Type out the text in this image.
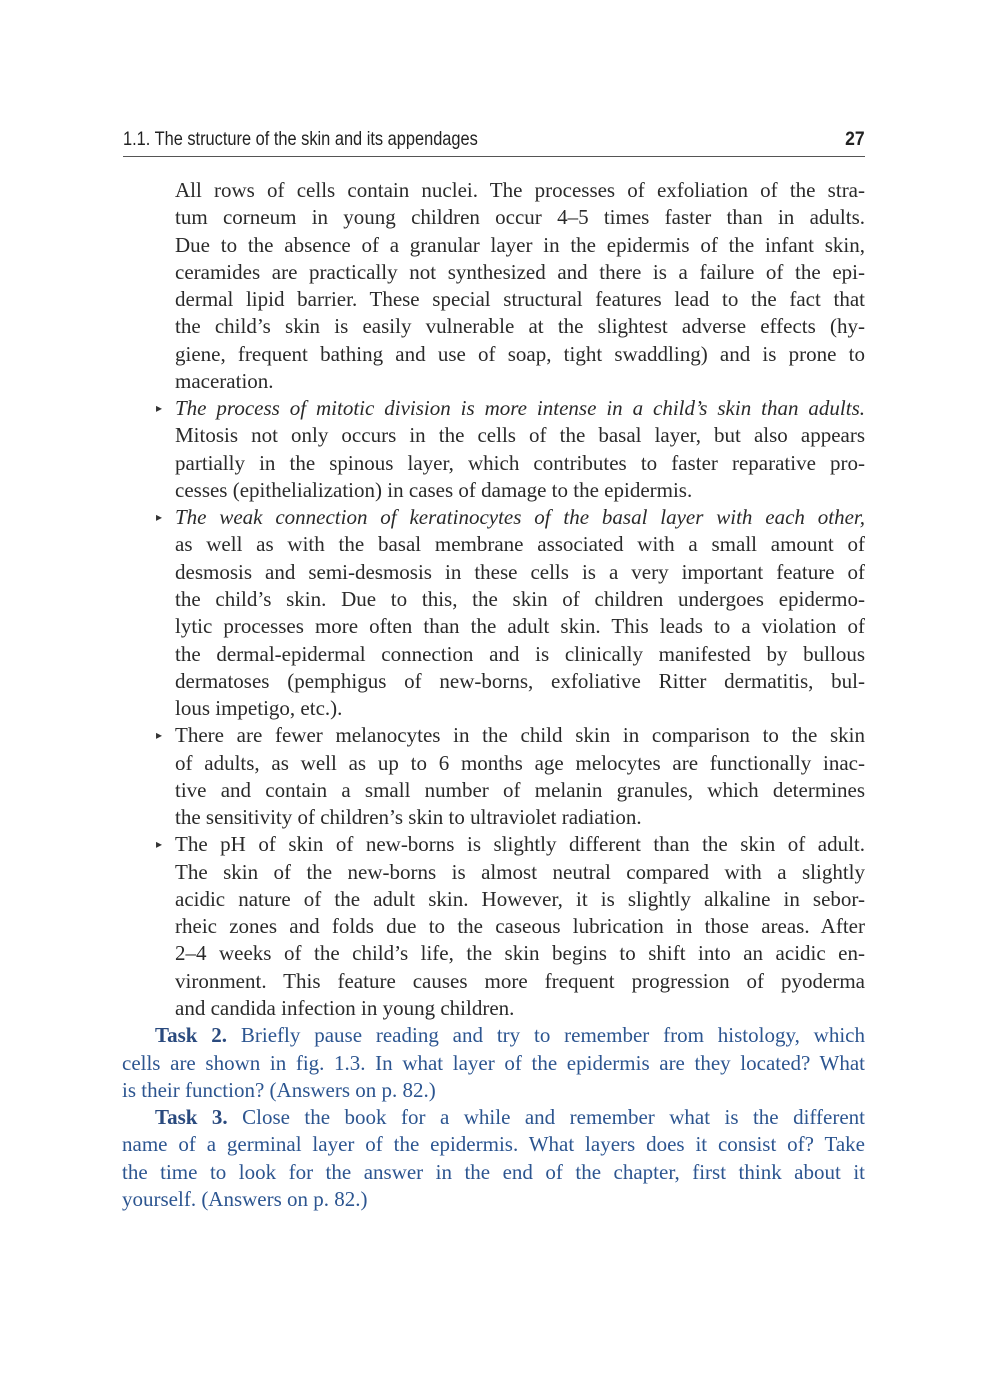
1.1. The structure of the skin and its appendages	27
All rows of cells contain nuclei. The processes of exfoliation of the stra-
tum corneum in young children occur 4–5 times faster than in adults.
Due to the absence of a granular layer in the epidermis of the infant skin,
ceramides are practically not synthesized and there is a failure of the epi-
dermal lipid barrier. These special structural features lead to the fact that
the child’s skin is easily vulnerable at the slightest adverse effects (hy-
giene, frequent bathing and use of soap, tight swaddling) and is prone to
maceration.
▸ The process of mitotic division is more intense in a child’s skin than adults.
Mitosis not only occurs in the cells of the basal layer, but also appears
partially in the spinous layer, which contributes to faster reparative pro-
cesses (epithelialization) in cases of damage to the epidermis.
▸ The weak connection of keratinocytes of the basal layer with each other,
as well as with the basal membrane associated with a small amount of
desmosis and semi-desmosis in these cells is a very important feature of
the child’s skin. Due to this, the skin of children undergoes epidermo-
lytic processes more often than the adult skin. This leads to a violation of
the dermal-epidermal connection and is clinically manifested by bullous
dermatoses (pemphigus of new-borns, exfoliative Ritter dermatitis, bul-
lous impetigo, etc.).
▸ There are fewer melanocytes in the child skin in comparison to the skin
of adults, as well as up to 6 months age melocytes are functionally inac-
tive and contain a small number of melanin granules, which determines
the sensitivity of children’s skin to ultraviolet radiation.
▸ The pH of skin of new-borns is slightly different than the skin of adult.
The skin of the new-borns is almost neutral compared with a slightly
acidic nature of the adult skin. However, it is slightly alkaline in sebor-
rheic zones and folds due to the caseous lubrication in those areas. After
2–4 weeks of the child’s life, the skin begins to shift into an acidic en-
vironment. This feature causes more frequent progression of pyoderma
and candida infection in young children.
Task 2. Briefly pause reading and try to remember from histology, which
cells are shown in fig. 1.3. In what layer of the epidermis are they located? What
is their function? (Answers on p. 82.)
Task 3. Close the book for a while and remember what is the different
name of a germinal layer of the epidermis. What layers does it consist of? Take
the time to look for the answer in the end of the chapter, first think about it
yourself. (Answers on p. 82.)
